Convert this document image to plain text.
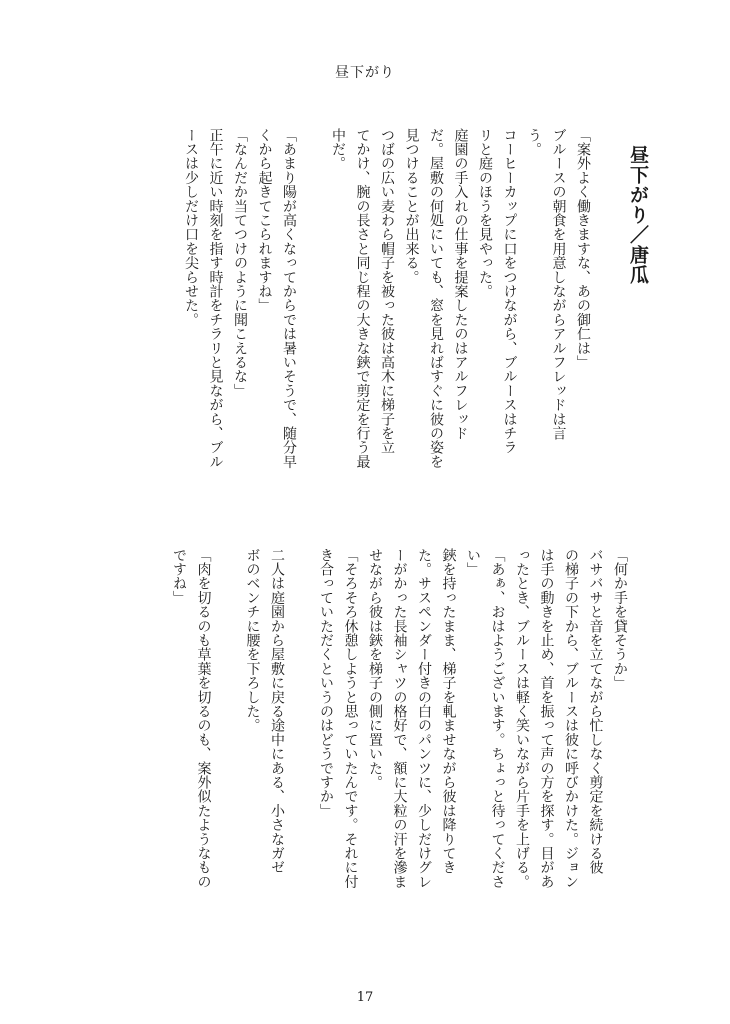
昼下がり
昼下がり／唐瓜
「案外よく働きますな、あの御仁は」
ブルースの朝食を用意しながらアルフレッドは言
う。
コーヒーカップに口をつけながら、ブルースはチラ
リと庭のほうを見やった。
庭園の手入れの仕事を提案したのはアルフレッド
だ。屋敷の何処にいても、窓を見ればすぐに彼の姿を
見つけることが出来る。
つばの広い麦わら帽子を被った彼は高木に梯子を立
てかけ、腕の長さと同じ程の大きな鋏で剪定を行う最
中だ。
「あまり陽が高くなってからでは暑いそうで、随分早
くから起きてこられますね」
「なんだか当てつけのように聞こえるな」
正午に近い時刻を指す時計をチラリと見ながら、ブル
ースは少しだけ口を尖らせた。
「何か手を貸そうか」
バサバサと音を立てながら忙しなく剪定を続ける彼
の梯子の下から、ブルースは彼に呼びかけた。ジョン
は手の動きを止め、首を振って声の方を探す。目があ
ったとき、ブルースは軽く笑いながら片手を上げる。
「あぁ、おはようございます。ちょっと待ってくださ
い」
鋏を持ったまま、梯子を軋ませながら彼は降りてき
た。サスペンダー付きの白のパンツに、少しだけグレ
ーがかった長袖シャツの格好で、額に大粒の汗を滲ま
せながら彼は鋏を梯子の側に置いた。
「そろそろ休憩しようと思っていたんです。それに付
き合っていただくというのはどうですか」
二人は庭園から屋敷に戻る途中にある、小さなガゼ
ボのベンチに腰を下ろした。
「肉を切るのも草葉を切るのも、案外似たようなもの
ですね」
17
